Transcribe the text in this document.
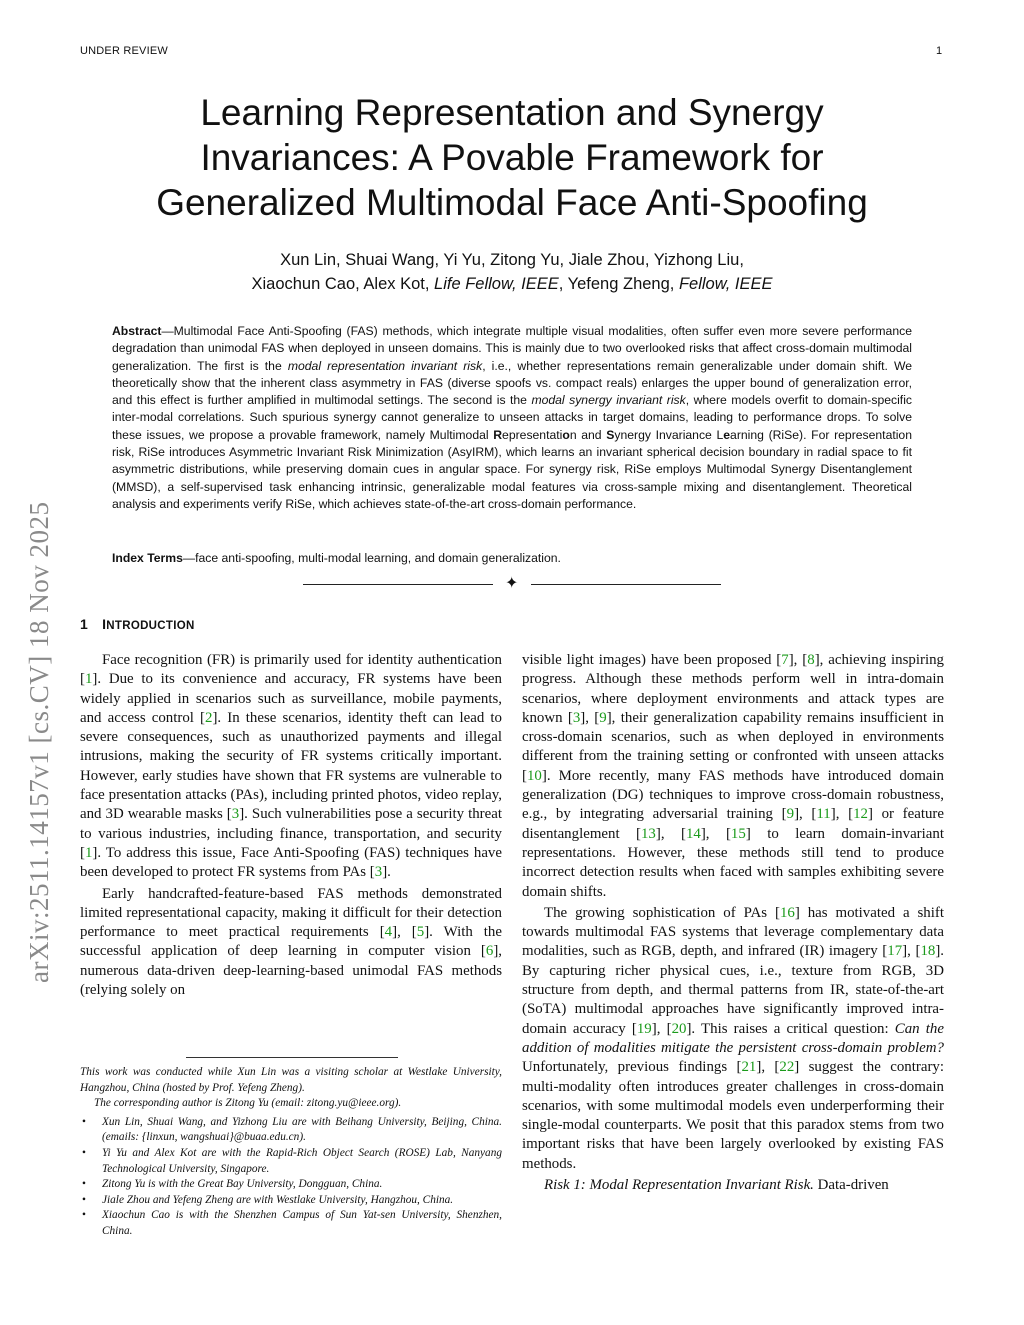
UNDER REVIEW	1
Learning Representation and Synergy
Invariances: A Povable Framework for
Generalized Multimodal Face Anti-Spoofing
Xun Lin, Shuai Wang, Yi Yu, Zitong Yu, Jiale Zhou, Yizhong Liu,
Xiaochun Cao, Alex Kot, Life Fellow, IEEE, Yefeng Zheng, Fellow, IEEE
Abstract—Multimodal Face Anti-Spoofing (FAS) methods, which integrate multiple visual modalities, often suffer even more severe performance degradation than unimodal FAS when deployed in unseen domains. This is mainly due to two overlooked risks that affect cross-domain multimodal generalization. The first is the modal representation invariant risk, i.e., whether representations remain generalizable under domain shift. We theoretically show that the inherent class asymmetry in FAS (diverse spoofs vs. compact reals) enlarges the upper bound of generalization error, and this effect is further amplified in multimodal settings. The second is the modal synergy invariant risk, where models overfit to domain-specific inter-modal correlations. Such spurious synergy cannot generalize to unseen attacks in target domains, leading to performance drops. To solve these issues, we propose a provable framework, namely Multimodal Representation and Synergy Invariance Learning (RiSe). For representation risk, RiSe introduces Asymmetric Invariant Risk Minimization (AsyIRM), which learns an invariant spherical decision boundary in radial space to fit asymmetric distributions, while preserving domain cues in angular space. For synergy risk, RiSe employs Multimodal Synergy Disentanglement (MMSD), a self-supervised task enhancing intrinsic, generalizable modal features via cross-sample mixing and disentanglement. Theoretical analysis and experiments verify RiSe, which achieves state-of-the-art cross-domain performance.
Index Terms—face anti-spoofing, multi-modal learning, and domain generalization.
✦
1 INTRODUCTION

Face recognition (FR) is primarily used for identity authentication [1]. Due to its convenience and accuracy, FR systems have been widely applied in scenarios such as surveillance, mobile payments, and access control [2]. In these scenarios, identity theft can lead to severe consequences, such as unauthorized payments and illegal intrusions, making the security of FR systems critically important. However, early studies have shown that FR systems are vulnerable to face presentation attacks (PAs), including printed photos, video replay, and 3D wearable masks [3]. Such vulnerabilities pose a security threat to various industries, including finance, transportation, and security [1]. To address this issue, Face Anti-Spoofing (FAS) techniques have been developed to protect FR systems from PAs [3].

Early handcrafted-feature-based FAS methods demonstrated limited representational capacity, making it difficult for their detection performance to meet practical requirements [4], [5]. With the successful application of deep learning in computer vision [6], numerous data-driven deep-learning-based unimodal FAS methods (relying solely on

visible light images) have been proposed [7], [8], achieving inspiring progress. Although these methods perform well in intra-domain scenarios, where deployment environments and attack types are known [3], [9], their generalization capability remains insufficient in cross-domain scenarios, such as when deployed in environments different from the training setting or confronted with unseen attacks [10]. More recently, many FAS methods have introduced domain generalization (DG) techniques to improve cross-domain robustness, e.g., by integrating adversarial training [9], [11], [12] or feature disentanglement [13], [14], [15] to learn domain-invariant representations. However, these methods still tend to produce incorrect detection results when faced with samples exhibiting severe domain shifts.

The growing sophistication of PAs [16] has motivated a shift towards multimodal FAS systems that leverage complementary data modalities, such as RGB, depth, and infrared (IR) imagery [17], [18]. By capturing richer physical cues, i.e., texture from RGB, 3D structure from depth, and thermal patterns from IR, state-of-the-art (SoTA) multimodal approaches have significantly improved intra-domain accuracy [19], [20]. This raises a critical question: Can the addition of modalities mitigate the persistent cross-domain problem? Unfortunately, previous findings [21], [22] suggest the contrary: multi-modality often introduces greater challenges in cross-domain scenarios, with some multimodal models even underperforming their single-modal counterparts. We posit that this paradox stems from two important risks that have been largely overlooked by existing FAS methods.

Risk 1: Modal Representation Invariant Risk. Data-driven

arXiv:2511.14157v1 [cs.CV] 18 Nov 2025

This work was conducted while Xun Lin was a visiting scholar at Westlake University, Hangzhou, China (hosted by Prof. Yefeng Zheng).

The corresponding author is Zitong Yu (email: zitong.yu@ieee.org).

• Xun Lin, Shuai Wang, and Yizhong Liu are with Beihang University, Beijing, China. (emails: {linxun, wangshuai}@buaa.edu.cn).
• Yi Yu and Alex Kot are with the Rapid-Rich Object Search (ROSE) Lab, Nanyang Technological University, Singapore.
• Zitong Yu is with the Great Bay University, Dongguan, China.
• Jiale Zhou and Yefeng Zheng are with Westlake University, Hangzhou, China.
• Xiaochun Cao is with the Shenzhen Campus of Sun Yat-sen University, Shenzhen, China.
